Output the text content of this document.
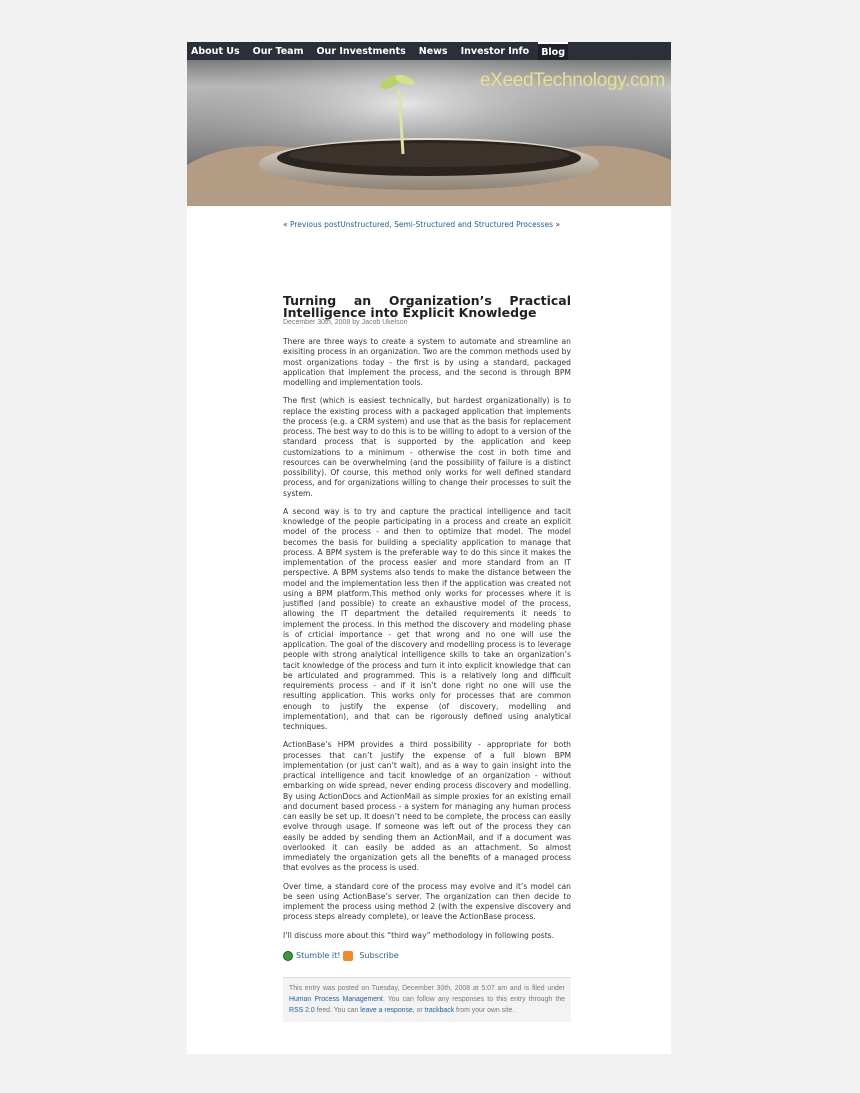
About Us Our Team Our Investments News Investor Info	Blog
eXeedTechnology.com
« Previous postUnstructured, Semi-Structured and Structured Processes »
Turning an Organization’s Practical Intelligence into Explicit Knowledge
December 30th, 2008 by Jacob Ukelson

There are three ways to create a system to automate and streamline an exisiting process in an organization. Two are the common methods used by most organizations today - the first is by using a standard, packaged application that implement the process, and the second is through BPM modelling and implementation tools.

The first (which is easiest technically, but hardest organizationally) is to replace the existing process with a packaged application that implements the process (e.g. a CRM system) and use that as the basis for replacement process. The best way to do this is to be willing to adopt to a version of the standard process that is supported by the application and keep customizations to a minimum - otherwise the cost in both time and resources can be overwhelming (and the possibility of failure is a distinct possibility). Of course, this method only works for well defined standard process, and for organizations willing to change their processes to suit the system.

A second way is to try and capture the practical intelligence and tacit knowledge of the people participating in a process and create an explicit model of the process - and then to optimize that model. The model becomes the basis for building a speciality application to manage that process. A BPM system is the preferable way to do this since it makes the implementation of the process easier and more standard from an IT perspective. A BPM systems also tends to make the distance between the model and the implementation less then if the application was created not using a BPM platform.This method only works for processes where it is justified (and possible) to create an exhaustive model of the process, allowing the IT department the detailed requirements it needs to implement the process. In this method the discovery and modeling phase is of crticial importance - get that wrong and no one will use the application. The goal of the discovery and modelling process is to leverage people with strong analytical intelligence skills to take an organization’s tacit knowledge of the process and turn it into explicit knowledge that can be articulated and programmed. This is a relatively long and difficult requirements process - and if it isn’t done right no one will use the resulting application. This works only for processes that are common enough to justify the expense (of discovery, modelling and implementation), and that can be rigorously defined using analytical techniques.

ActionBase’s HPM provides a third possibility - appropriate for both processes that can’t justify the expense of a full blown BPM implementation (or just can’t wait), and as a way to gain insight into the practical intelligence and tacit knowledge of an organization - without embarking on wide spread, never ending process discovery and modelling. By using ActionDocs and ActionMail as simple proxies for an existing email and document based process - a system for managing any human process can easily be set up. It doesn’t need to be complete, the process can easily evolve through usage. If someone was left out of the process they can easily be added by sending them an ActionMail, and if a document was overlooked it can easily be added as an attachment. So almost immediately the organization gets all the benefits of a managed process that evolves as the process is used.

Over time, a standard core of the process may evolve and it’s model can be seen using ActionBase’s server. The organization can then decide to implement the process using method 2 (with the expensive discovery and process steps already complete), or leave the ActionBase process.

I’ll discuss more about this “third way” methodology in following posts.

Stumble it! Subscribe
This entry was posted on Tuesday, December 30th, 2008 at 5:07 am and is filed under Human Process Management. You can follow any responses to this entry through the RSS 2.0 feed. You can leave a response, or trackback from your own site.
